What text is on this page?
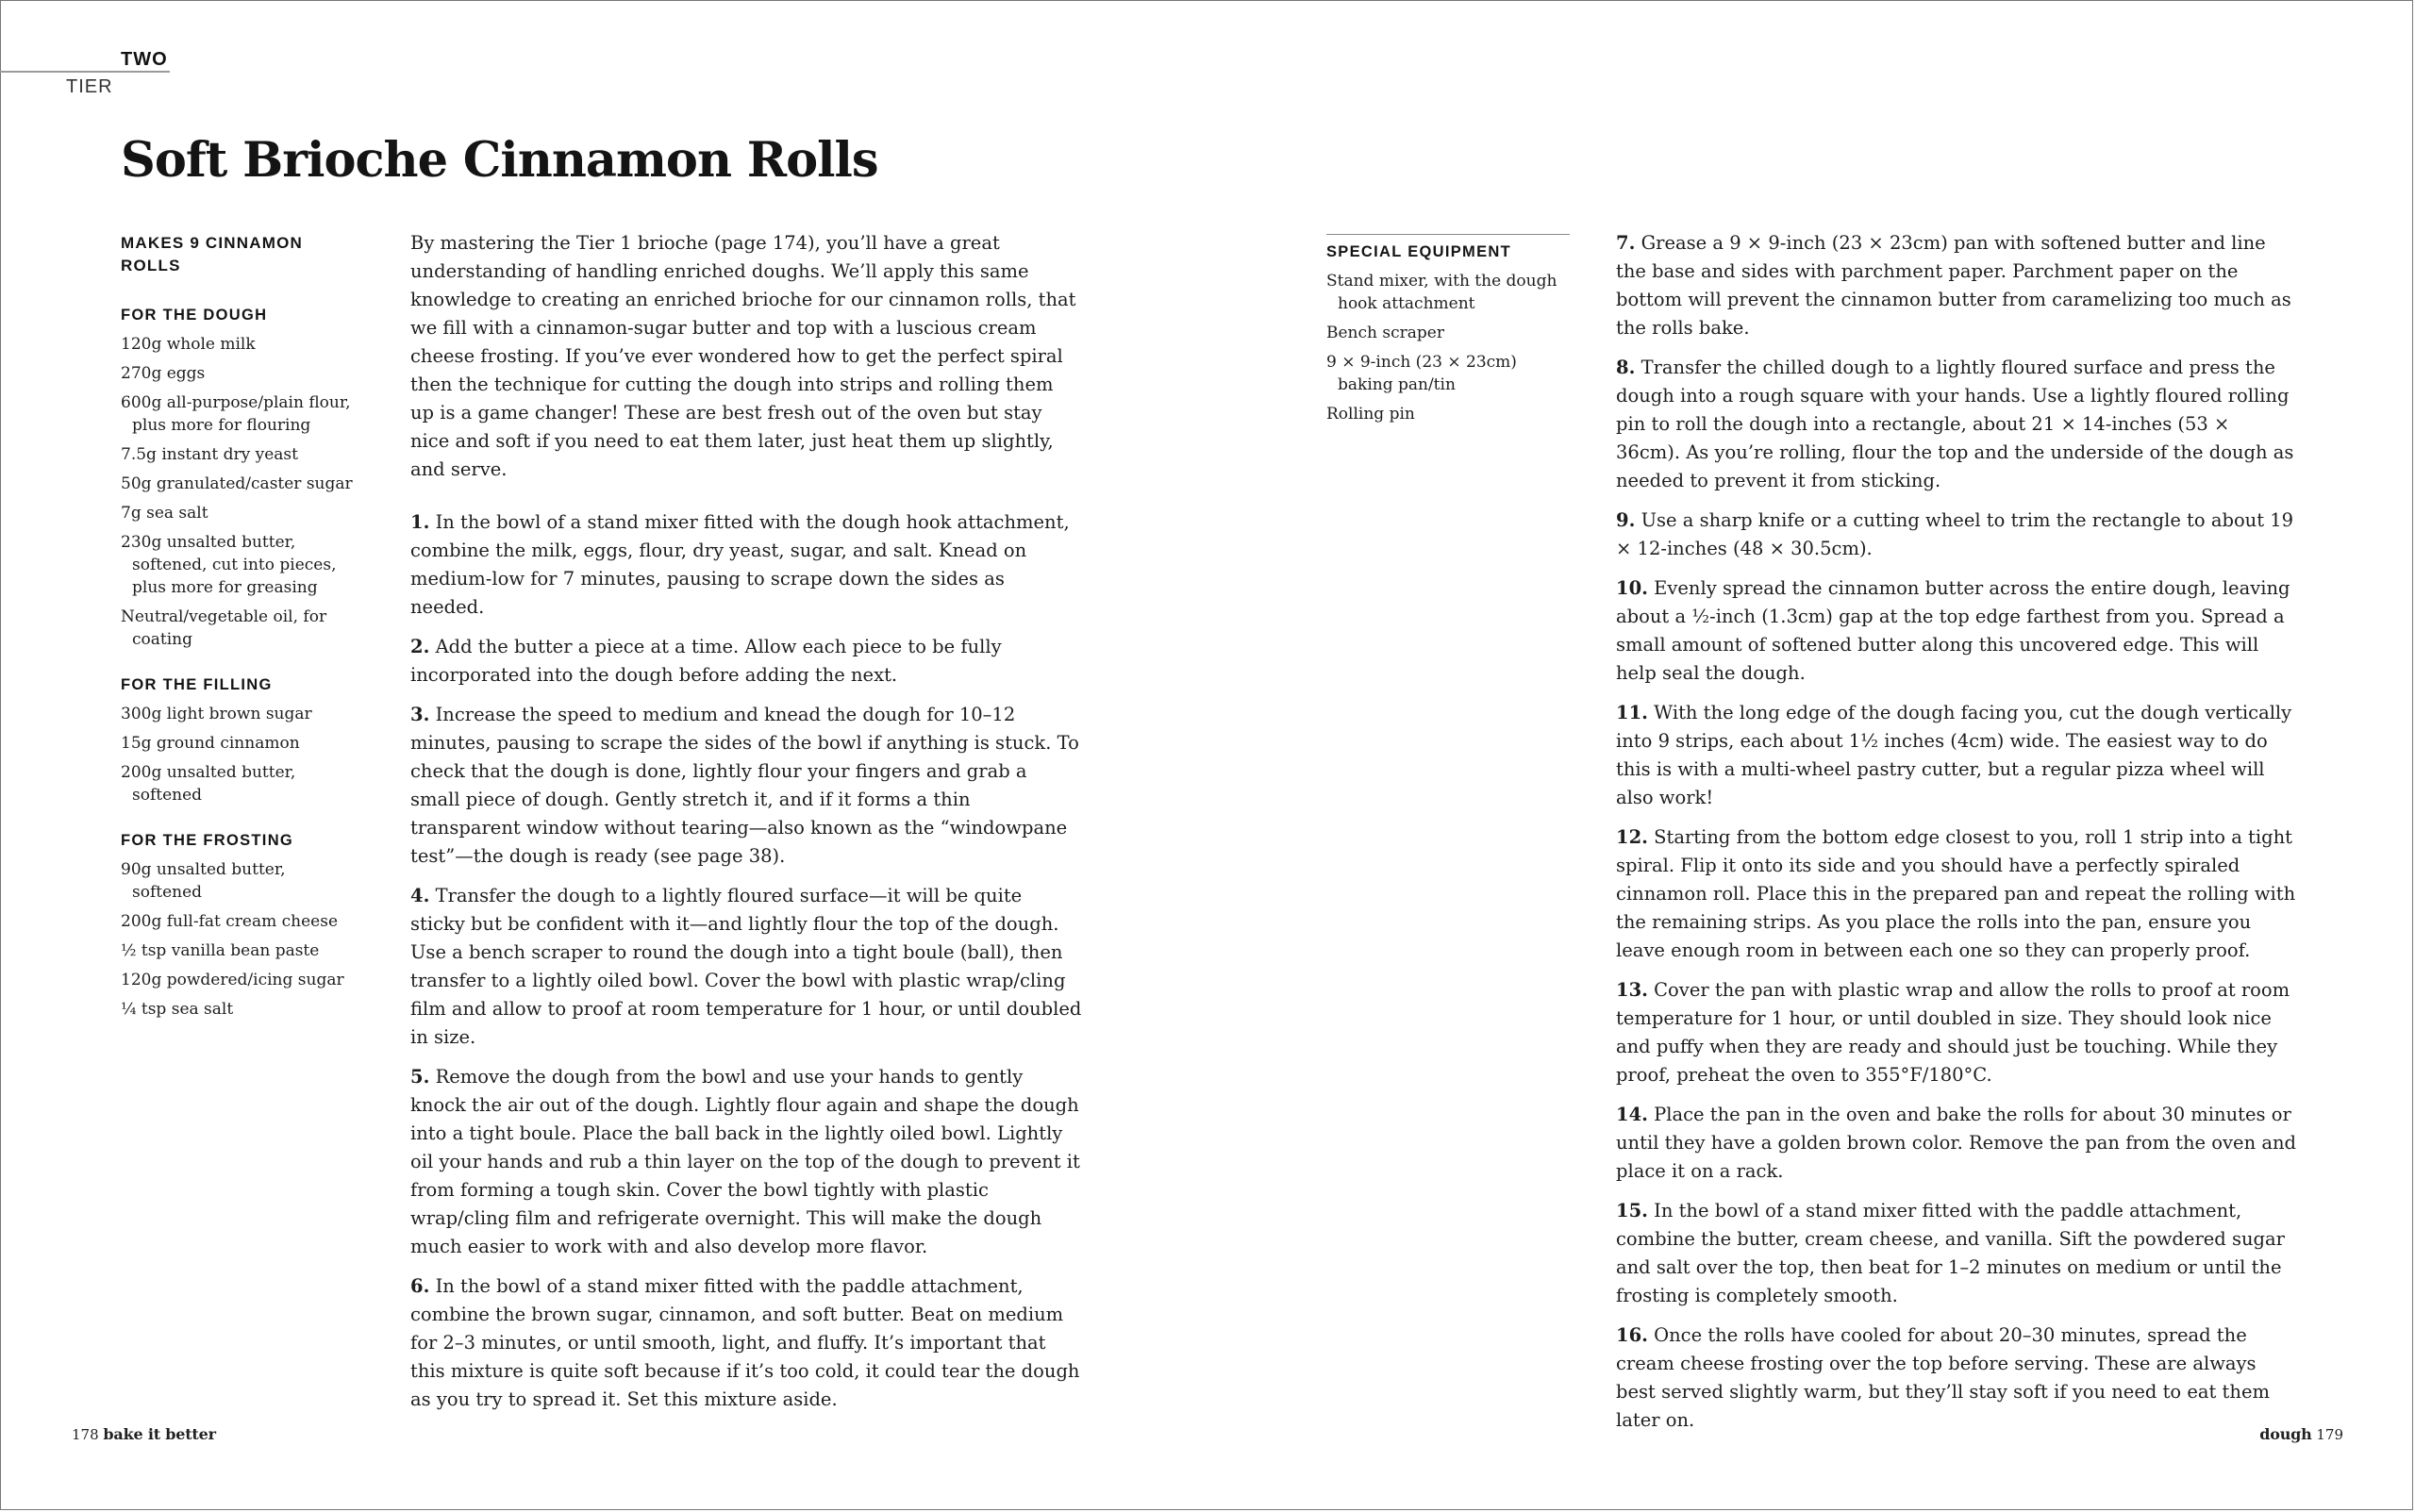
TWO
TIER
Soft Brioche Cinnamon Rolls

MAKES 9 CINNAMON ROLLS

FOR THE DOUGH
120g whole milk
270g eggs
600g all-purpose/plain flour, plus more for flouring
7.5g instant dry yeast
50g granulated/caster sugar
7g sea salt
230g unsalted butter, softened, cut into pieces, plus more for greasing
Neutral/vegetable oil, for coating
FOR THE FILLING
300g light brown sugar
15g ground cinnamon
200g unsalted butter, softened
FOR THE FROSTING
90g unsalted butter, softened
200g full-fat cream cheese
½ tsp vanilla bean paste
120g powdered/icing sugar
¼ tsp sea salt

By mastering the Tier 1 brioche (page 174), you’ll have a great understanding of handling enriched doughs. We’ll apply this same knowledge to creating an enriched brioche for our cinnamon rolls, that we fill with a cinnamon-sugar butter and top with a luscious cream cheese frosting. If you’ve ever wondered how to get the perfect spiral then the technique for cutting the dough into strips and rolling them up is a game changer! These are best fresh out of the oven but stay nice and soft if you need to eat them later, just heat them up slightly, and serve.

1. In the bowl of a stand mixer fitted with the dough hook attachment, combine the milk, eggs, flour, dry yeast, sugar, and salt. Knead on medium-low for 7 minutes, pausing to scrape down the sides as needed.

2. Add the butter a piece at a time. Allow each piece to be fully incorporated into the dough before adding the next.

3. Increase the speed to medium and knead the dough for 10–12 minutes, pausing to scrape the sides of the bowl if anything is stuck. To check that the dough is done, lightly flour your fingers and grab a small piece of dough. Gently stretch it, and if it forms a thin transparent window without tearing—also known as the “windowpane test”—the dough is ready (see page 38).

4. Transfer the dough to a lightly floured surface—it will be quite sticky but be confident with it—and lightly flour the top of the dough. Use a bench scraper to round the dough into a tight boule (ball), then transfer to a lightly oiled bowl. Cover the bowl with plastic wrap/cling film and allow to proof at room temperature for 1 hour, or until doubled in size.

5. Remove the dough from the bowl and use your hands to gently knock the air out of the dough. Lightly flour again and shape the dough into a tight boule. Place the ball back in the lightly oiled bowl. Lightly oil your hands and rub a thin layer on the top of the dough to prevent it from forming a tough skin. Cover the bowl tightly with plastic wrap/cling film and refrigerate overnight. This will make the dough much easier to work with and also develop more flavor.

6. In the bowl of a stand mixer fitted with the paddle attachment, combine the brown sugar, cinnamon, and soft butter. Beat on medium for 2–3 minutes, or until smooth, light, and fluffy. It’s important that this mixture is quite soft because if it’s too cold, it could tear the dough as you try to spread it. Set this mixture aside.

SPECIAL EQUIPMENT
Stand mixer, with the dough hook attachment
Bench scraper
9 × 9-inch (23 × 23cm) baking pan/tin
Rolling pin

7. Grease a 9 × 9-inch (23 × 23cm) pan with softened butter and line the base and sides with parchment paper. Parchment paper on the bottom will prevent the cinnamon butter from caramelizing too much as the rolls bake.

8. Transfer the chilled dough to a lightly floured surface and press the dough into a rough square with your hands. Use a lightly floured rolling pin to roll the dough into a rectangle, about 21 × 14-inches (53 × 36cm). As you’re rolling, flour the top and the underside of the dough as needed to prevent it from sticking.

9. Use a sharp knife or a cutting wheel to trim the rectangle to about 19 × 12-inches (48 × 30.5cm).

10. Evenly spread the cinnamon butter across the entire dough, leaving about a ½-inch (1.3cm) gap at the top edge farthest from you. Spread a small amount of softened butter along this uncovered edge. This will help seal the dough.

11. With the long edge of the dough facing you, cut the dough vertically into 9 strips, each about 1½ inches (4cm) wide. The easiest way to do this is with a multi-wheel pastry cutter, but a regular pizza wheel will also work!

12. Starting from the bottom edge closest to you, roll 1 strip into a tight spiral. Flip it onto its side and you should have a perfectly spiraled cinnamon roll. Place this in the prepared pan and repeat the rolling with the remaining strips. As you place the rolls into the pan, ensure you leave enough room in between each one so they can properly proof.

13. Cover the pan with plastic wrap and allow the rolls to proof at room temperature for 1 hour, or until doubled in size. They should look nice and puffy when they are ready and should just be touching. While they proof, preheat the oven to 355°F/180°C.

14. Place the pan in the oven and bake the rolls for about 30 minutes or until they have a golden brown color. Remove the pan from the oven and place it on a rack.

15. In the bowl of a stand mixer fitted with the paddle attachment, combine the butter, cream cheese, and vanilla. Sift the powdered sugar and salt over the top, then beat for 1–2 minutes on medium or until the frosting is completely smooth.

16. Once the rolls have cooled for about 20–30 minutes, spread the cream cheese frosting over the top before serving. These are always best served slightly warm, but they’ll stay soft if you need to eat them later on.

178 bake it better	dough 179
